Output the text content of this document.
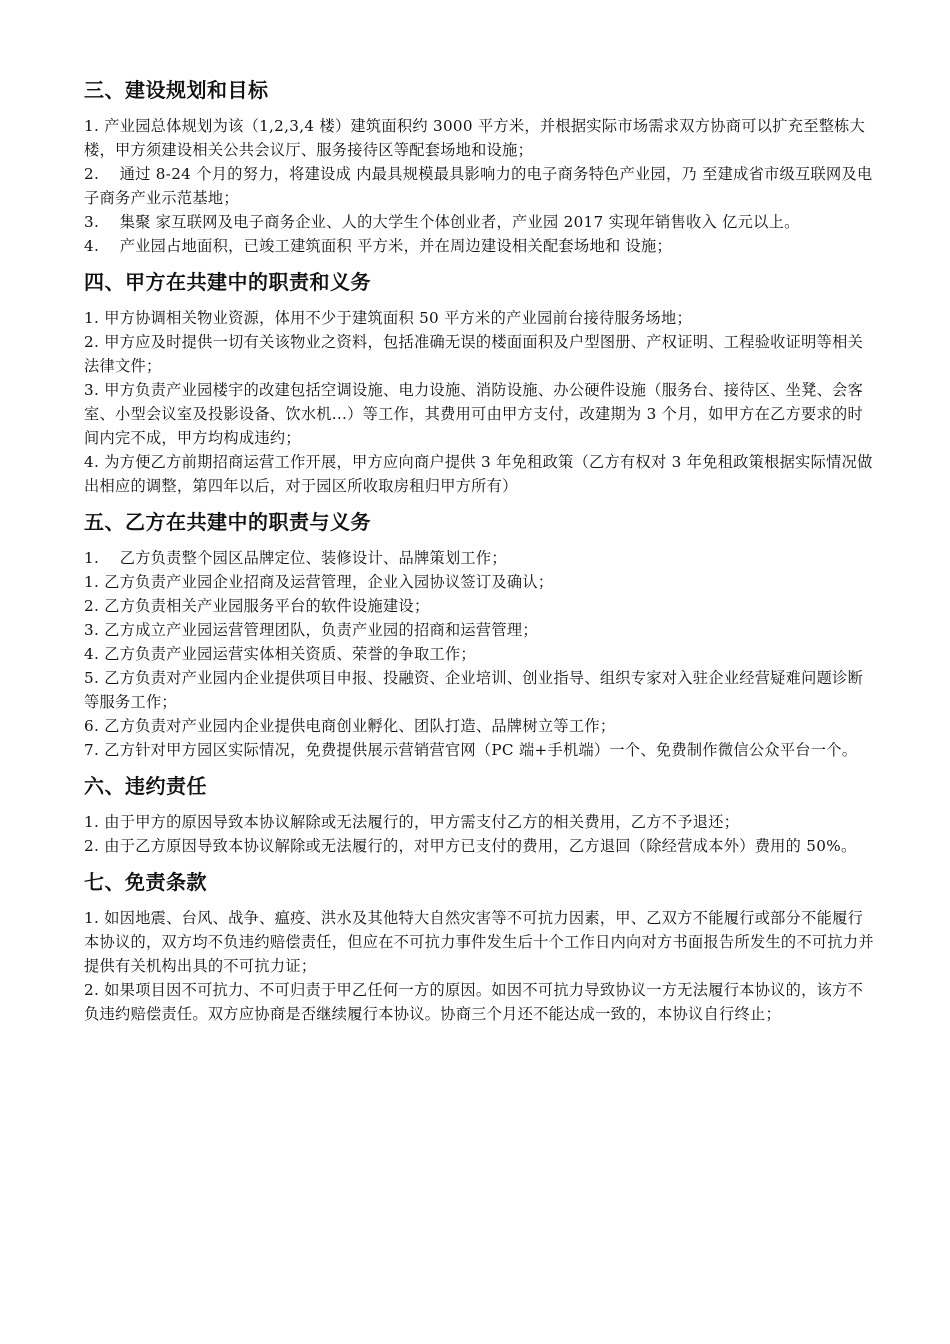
三、建设规划和目标

1. 产业园总体规划为该（1,2,3,4 楼）建筑面积约 3000 平方米，并根据实际市场需求双方协商可以扩充至整栋大楼，甲方须建设相关公共会议厅、服务接待区等配套场地和设施；

2.　 通过 8-24 个月的努力，将建设成 内最具规模最具影响力的电子商务特色产业园，乃 至建成省市级互联网及电子商务产业示范基地；

3.　 集聚 家互联网及电子商务企业、人的大学生个体创业者，产业园 2017 实现年销售收入 亿元以上。

4.　 产业园占地面积，已竣工建筑面积 平方米，并在周边建设相关配套场地和 设施；

四、甲方在共建中的职责和义务

1. 甲方协调相关物业资源，体用不少于建筑面积 50 平方米的产业园前台接待服务场地；

2. 甲方应及时提供一切有关该物业之资料，包括准确无误的楼面面积及户型图册、产权证明、工程验收证明等相关法律文件；

3. 甲方负责产业园楼宇的改建包括空调设施、电力设施、消防设施、办公硬件设施（服务台、接待区、坐凳、会客室、小型会议室及投影设备、饮水机...）等工作，其费用可由甲方支付，改建期为 3 个月，如甲方在乙方要求的时间内完不成，甲方均构成违约；

4. 为方便乙方前期招商运营工作开展，甲方应向商户提供 3 年免租政策（乙方有权对 3 年免租政策根据实际情况做出相应的调整，第四年以后，对于园区所收取房租归甲方所有）

五、乙方在共建中的职责与义务

1.　 乙方负责整个园区品牌定位、装修设计、品牌策划工作；

1. 乙方负责产业园企业招商及运营管理，企业入园协议签订及确认；

2. 乙方负责相关产业园服务平台的软件设施建设；

3. 乙方成立产业园运营管理团队，负责产业园的招商和运营管理；

4. 乙方负责产业园运营实体相关资质、荣誉的争取工作；

5. 乙方负责对产业园内企业提供项目申报、投融资、企业培训、创业指导、组织专家对入驻企业经营疑难问题诊断等服务工作；

6. 乙方负责对产业园内企业提供电商创业孵化、团队打造、品牌树立等工作；

7. 乙方针对甲方园区实际情况，免费提供展示营销营官网（PC 端+手机端）一个、免费制作微信公众平台一个。

六、违约责任

1. 由于甲方的原因导致本协议解除或无法履行的，甲方需支付乙方的相关费用，乙方不予退还；

2. 由于乙方原因导致本协议解除或无法履行的，对甲方已支付的费用，乙方退回（除经营成本外）费用的 50%。

七、免责条款

1. 如因地震、台风、战争、瘟疫、洪水及其他特大自然灾害等不可抗力因素，甲、乙双方不能履行或部分不能履行本协议的，双方均不负违约赔偿责任，但应在不可抗力事件发生后十个工作日内向对方书面报告所发生的不可抗力并提供有关机构出具的不可抗力证；

2. 如果项目因不可抗力、不可归责于甲乙任何一方的原因。如因不可抗力导致协议一方无法履行本协议的，该方不负违约赔偿责任。双方应协商是否继续履行本协议。协商三个月还不能达成一致的，本协议自行终止；
